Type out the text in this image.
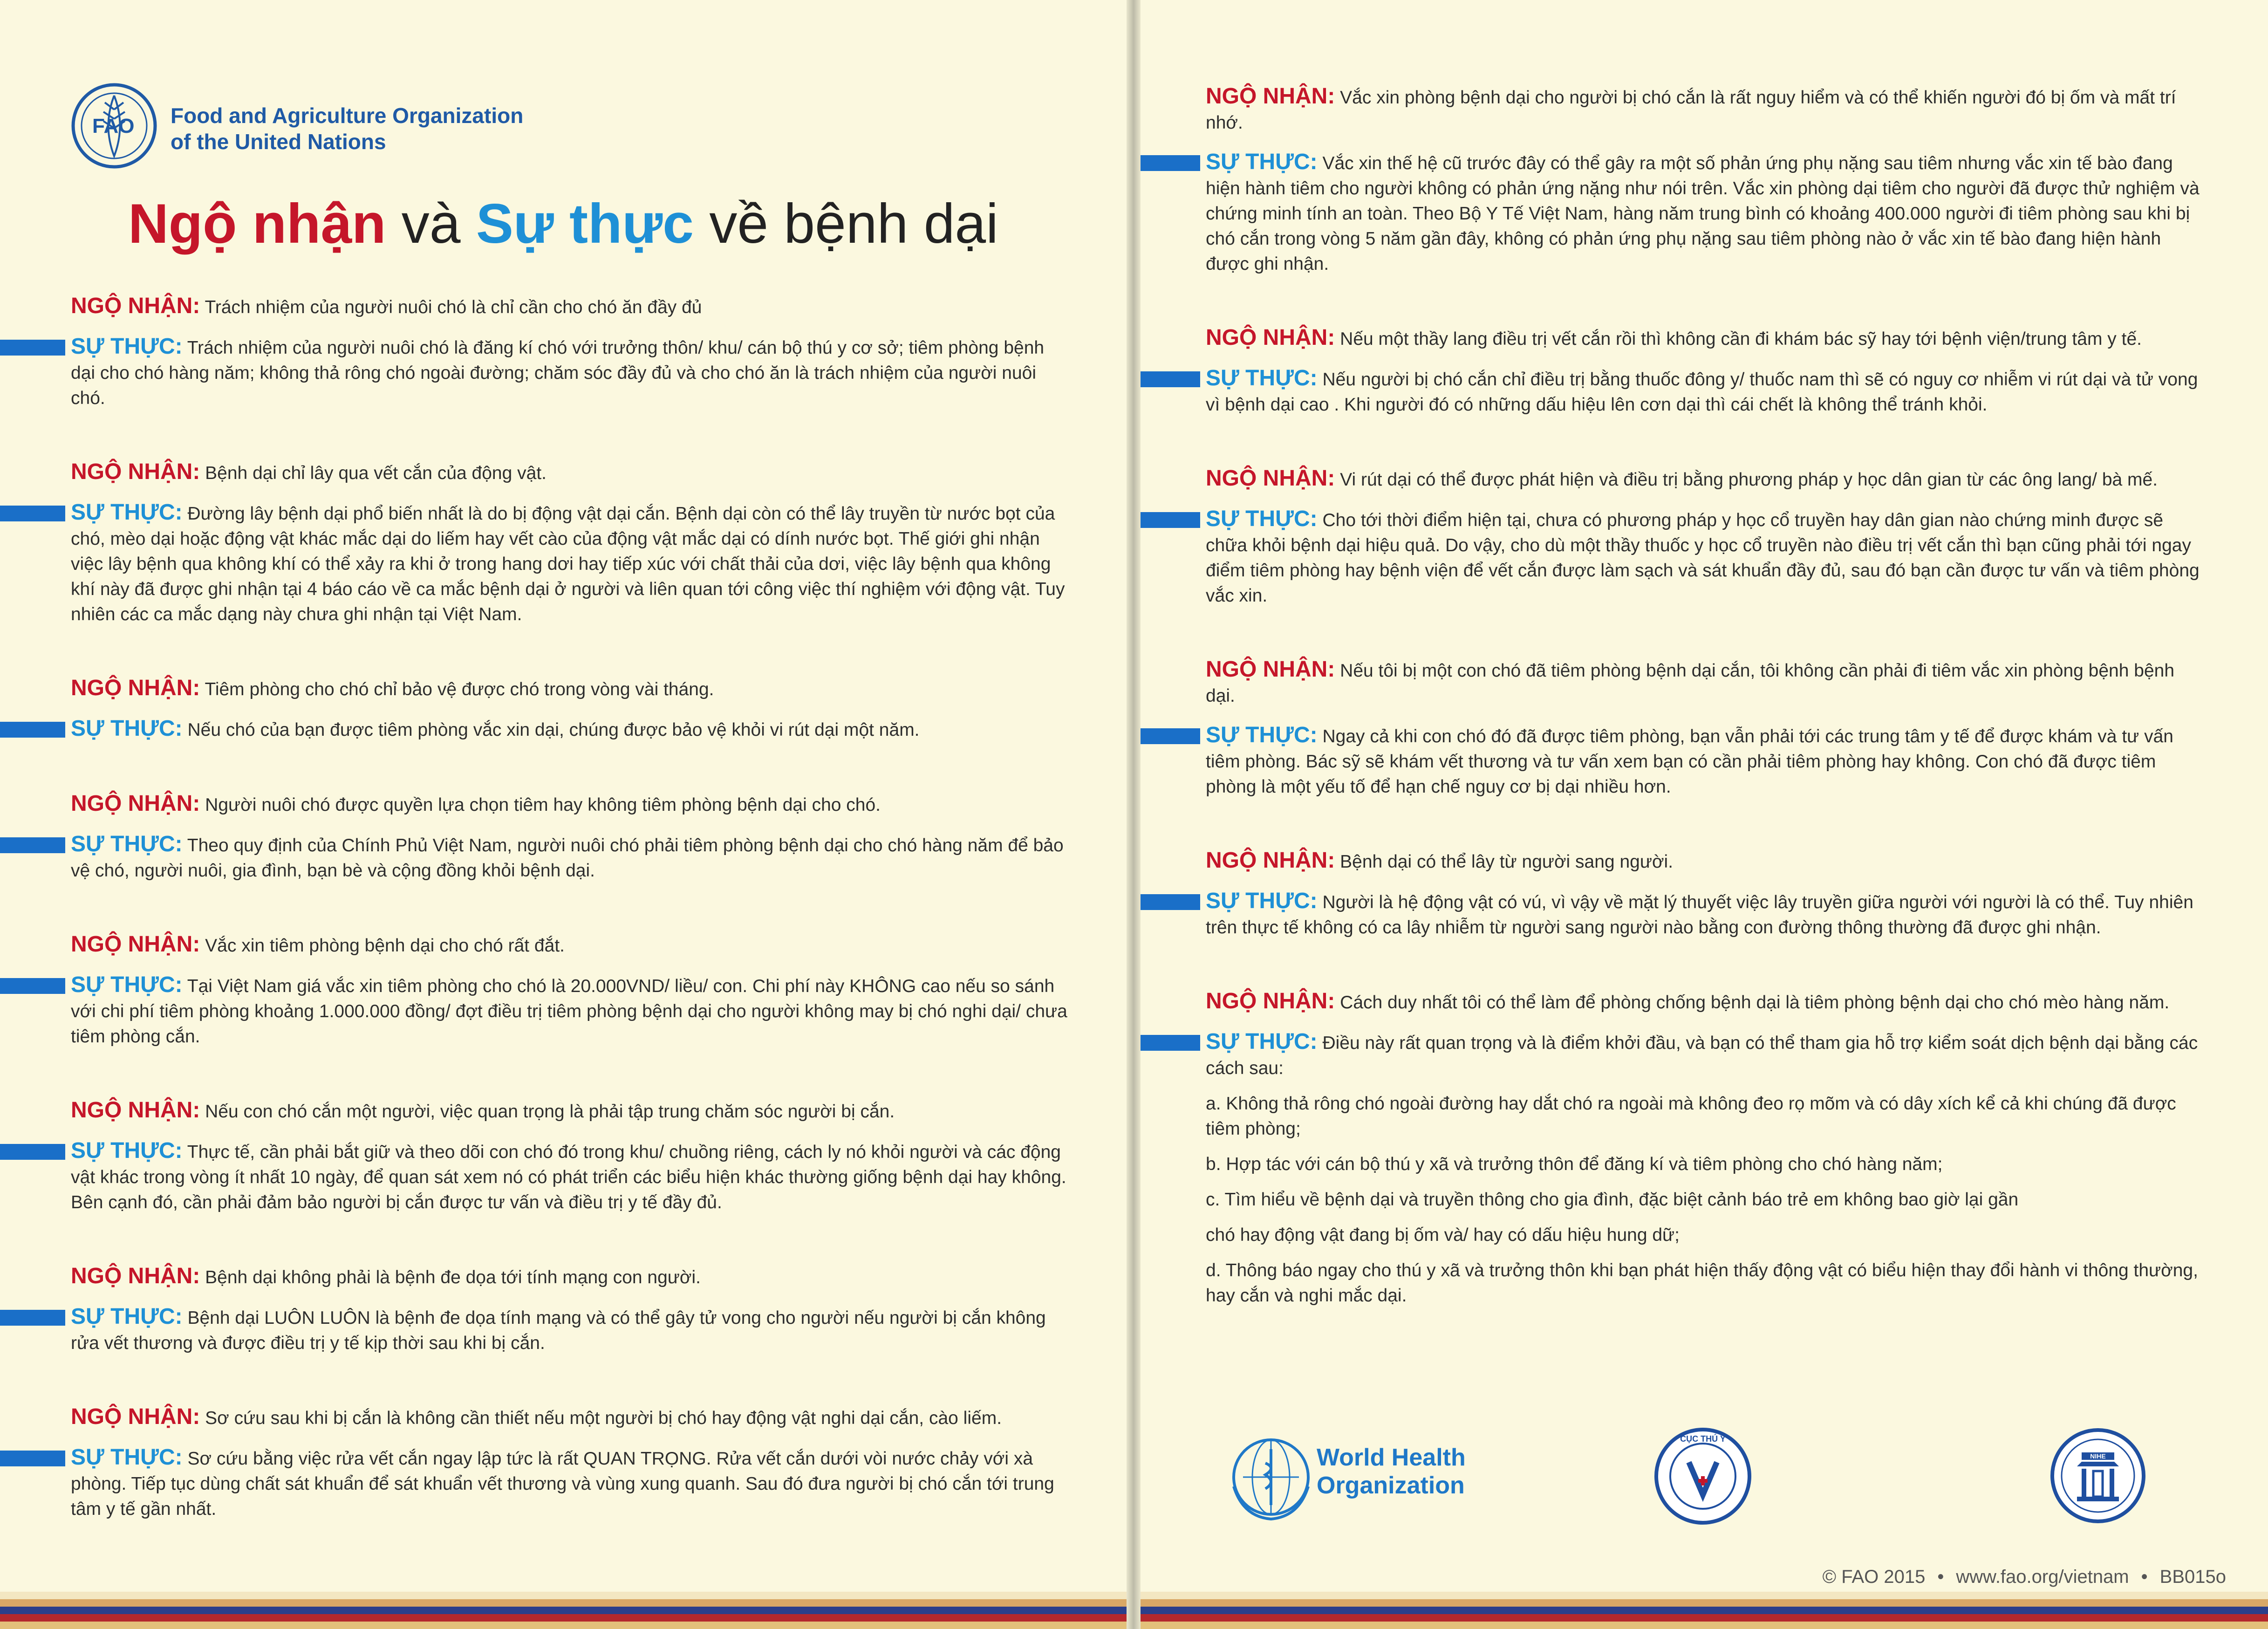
FAO Food and Agriculture Organization
of the United Nations
Ngộ nhận và Sự thực về bệnh dại

NGỘ NHẬN: Trách nhiệm của người nuôi chó là chỉ cần cho chó ăn đầy đủ

SỰ THỰC: Trách nhiệm của người nuôi chó là đăng kí chó với trưởng thôn/ khu/ cán bộ thú y cơ sở; tiêm phòng bệnh dại cho chó hàng năm; không thả rông chó ngoài đường; chăm sóc đầy đủ và cho chó ăn là trách nhiệm của người nuôi chó.

NGỘ NHẬN: Bệnh dại chỉ lây qua vết cắn của động vật.

SỰ THỰC: Đường lây bệnh dại phổ biến nhất là do bị động vật dại cắn. Bệnh dại còn có thể lây truyền từ nước bọt của chó, mèo dại hoặc động vật khác mắc dại do liếm hay vết cào của động vật mắc dại có dính nước bọt. Thế giới ghi nhận việc lây bệnh qua không khí có thể xảy ra khi ở trong hang dơi hay tiếp xúc với chất thải của dơi, việc lây bệnh qua không khí này đã được ghi nhận tại 4 báo cáo về ca mắc bệnh dại ở người và liên quan tới công việc thí nghiệm với động vật. Tuy nhiên các ca mắc dạng này chưa ghi nhận tại Việt Nam.

NGỘ NHẬN: Tiêm phòng cho chó chỉ bảo vệ được chó trong vòng vài tháng.

SỰ THỰC: Nếu chó của bạn được tiêm phòng vắc xin dại, chúng được bảo vệ khỏi vi rút dại một năm.

NGỘ NHẬN: Người nuôi chó được quyền lựa chọn tiêm hay không tiêm phòng bệnh dại cho chó.

SỰ THỰC: Theo quy định của Chính Phủ Việt Nam, người nuôi chó phải tiêm phòng bệnh dại cho chó hàng năm để bảo vệ chó, người nuôi, gia đình, bạn bè và cộng đồng khỏi bệnh dại.

NGỘ NHẬN: Vắc xin tiêm phòng bệnh dại cho chó rất đắt.

SỰ THỰC: Tại Việt Nam giá vắc xin tiêm phòng cho chó là 20.000VND/ liều/ con. Chi phí này KHÔNG cao nếu so sánh với chi phí tiêm phòng khoảng 1.000.000 đồng/ đợt điều trị tiêm phòng bệnh dại cho người không may bị chó nghi dại/ chưa tiêm phòng cắn.

NGỘ NHẬN: Nếu con chó cắn một người, việc quan trọng là phải tập trung chăm sóc người bị cắn.

SỰ THỰC: Thực tế, cần phải bắt giữ và theo dõi con chó đó trong khu/ chuồng riêng, cách ly nó khỏi người và các động vật khác trong vòng ít nhất 10 ngày, để quan sát xem nó có phát triển các biểu hiện khác thường giống bệnh dại hay không. Bên cạnh đó, cần phải đảm bảo người bị cắn được tư vấn và điều trị y tế đầy đủ.

NGỘ NHẬN: Bệnh dại không phải là bệnh đe dọa tới tính mạng con người.

SỰ THỰC: Bệnh dại LUÔN LUÔN là bệnh đe dọa tính mạng và có thể gây tử vong cho người nếu người bị cắn không rửa vết thương và được điều trị y tế kịp thời sau khi bị cắn.

NGỘ NHẬN: Sơ cứu sau khi bị cắn là không cần thiết nếu một người bị chó hay động vật nghi dại cắn, cào liếm.

SỰ THỰC: Sơ cứu bằng việc rửa vết cắn ngay lập tức là rất QUAN TRỌNG. Rửa vết cắn dưới vòi nước chảy với xà phòng. Tiếp tục dùng chất sát khuẩn để sát khuẩn vết thương và vùng xung quanh. Sau đó đưa người bị chó cắn tới trung tâm y tế gần nhất.

NGỘ NHẬN: Vắc xin phòng bệnh dại cho người bị chó cắn là rất nguy hiểm và có thể khiến người đó bị ốm và mất trí nhớ.

SỰ THỰC: Vắc xin thế hệ cũ trước đây có thể gây ra một số phản ứng phụ nặng sau tiêm nhưng vắc xin tế bào đang hiện hành tiêm cho người không có phản ứng nặng như nói trên. Vắc xin phòng dại tiêm cho người đã được thử nghiệm và chứng minh tính an toàn. Theo Bộ Y Tế Việt Nam, hàng năm trung bình có khoảng 400.000 người đi tiêm phòng sau khi bị chó cắn trong vòng 5 năm gần đây, không có phản ứng phụ nặng sau tiêm phòng nào ở vắc xin tế bào đang hiện hành được ghi nhận.

NGỘ NHẬN: Nếu một thầy lang điều trị vết cắn rồi thì không cần đi khám bác sỹ hay tới bệnh viện/trung tâm y tế.

SỰ THỰC: Nếu người bị chó cắn chỉ điều trị bằng thuốc đông y/ thuốc nam thì sẽ có nguy cơ nhiễm vi rút dại và tử vong vì bệnh dại cao . Khi người đó có những dấu hiệu lên cơn dại thì cái chết là không thể tránh khỏi.

NGỘ NHẬN: Vi rút dại có thể được phát hiện và điều trị bằng phương pháp y học dân gian từ các ông lang/ bà mế.

SỰ THỰC: Cho tới thời điểm hiện tại, chưa có phương pháp y học cổ truyền hay dân gian nào chứng minh được sẽ chữa khỏi bệnh dại hiệu quả. Do vậy, cho dù một thầy thuốc y học cổ truyền nào điều trị vết cắn thì bạn cũng phải tới ngay điểm tiêm phòng hay bệnh viện để vết cắn được làm sạch và sát khuẩn đầy đủ, sau đó bạn cần được tư vấn và tiêm phòng vắc xin.

NGỘ NHẬN: Nếu tôi bị một con chó đã tiêm phòng bệnh dại cắn, tôi không cần phải đi tiêm vắc xin phòng bệnh bệnh dại.

SỰ THỰC: Ngay cả khi con chó đó đã được tiêm phòng, bạn vẫn phải tới các trung tâm y tế để được khám và tư vấn tiêm phòng. Bác sỹ sẽ khám vết thương và tư vấn xem bạn có cần phải tiêm phòng hay không. Con chó đã được tiêm phòng là một yếu tố để hạn chế nguy cơ bị dại nhiều hơn.

NGỘ NHẬN: Bệnh dại có thể lây từ người sang người.

SỰ THỰC: Người là hệ động vật có vú, vì vậy về mặt lý thuyết việc lây truyền giữa người với người là có thể. Tuy nhiên trên thực tế không có ca lây nhiễm từ người sang người nào bằng con đường thông thường đã được ghi nhận.

NGỘ NHẬN: Cách duy nhất tôi có thể làm để phòng chống bệnh dại là tiêm phòng bệnh dại cho chó mèo hàng năm.

SỰ THỰC: Điều này rất quan trọng và là điểm khởi đầu, và bạn có thể tham gia hỗ trợ kiểm soát dịch bệnh dại bằng các cách sau:

a. Không thả rông chó ngoài đường hay dắt chó ra ngoài mà không đeo rọ mõm và có dây xích kể cả khi chúng đã được tiêm phòng;

b. Hợp tác với cán bộ thú y xã và trưởng thôn để đăng kí và tiêm phòng cho chó hàng năm;

c. Tìm hiểu về bệnh dại và truyền thông cho gia đình, đặc biệt cảnh báo trẻ em không bao giờ lại gần

chó hay động vật đang bị ốm và/ hay có dấu hiệu hung dữ;

d. Thông báo ngay cho thú y xã và trưởng thôn khi bạn phát hiện thấy động vật có biểu hiện thay đổi hành vi thông thường, hay cắn và nghi mắc dại.

World Health
Organization
CỤC THÚ Y
NIHE
© FAO 2015 • www.fao.org/vietnam • BB015o
